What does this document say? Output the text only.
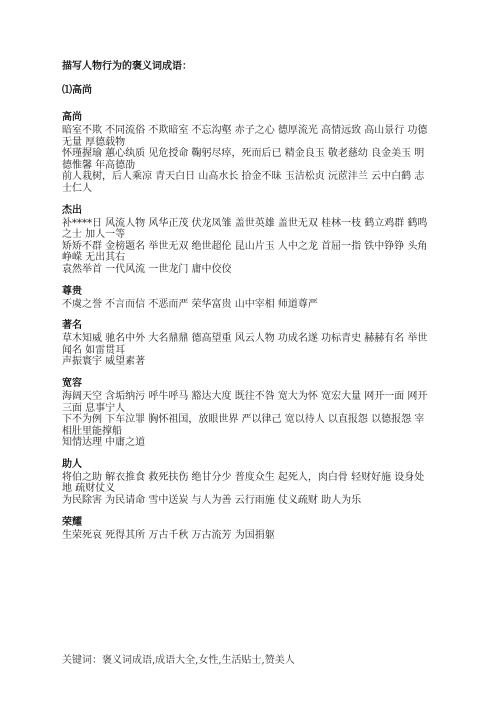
描写人物行为的褒义词成语：
⑴高尚
高尚
暗室不欺 不同流俗 不欺暗室 不忘沟壑 赤子之心 德厚流光 高情远致 高山景行 功德无量 厚德载物
怀瑾握瑜 蕙心纨质 见危授命 鞠躬尽瘁，死而后已 精金良玉 敬老慈幼 良金美玉 明德惟馨 年高德劭
前人栽树，后人乘凉 青天白日 山高水长 拾金不昧 玉洁松贞 沅茝沣兰 云中白鹤 志士仁人
杰出
补****日 风流人物 风华正茂 伏龙凤雏 盖世英雄 盖世无双 桂林一枝 鹤立鸡群 鹤鸣之士 加人一等
矫矫不群 金榜题名 举世无双 绝世超伦 昆山片玉 人中之龙 首屈一指 铁中铮铮 头角峥嵘 无出其右
袁然举首 一代风流 一世龙门 庸中佼佼
尊贵
不虞之誉 不言而信 不恶而严 荣华富贵 山中宰相 师道尊严
著名
草木知威 驰名中外 大名鼎鼎 德高望重 风云人物 功成名遂 功标青史 赫赫有名 举世闻名 如雷贯耳
声振寰宇 威望素著
宽容
海阔天空 含垢纳污 呼牛呼马 豁达大度 既往不咎 宽大为怀 宽宏大量 网开一面 网开三面 息事宁人
下不为例 下车泣罪 胸怀祖国，放眼世界 严以律己 宽以待人 以直报怨 以德报怨 宰相肚里能撑船
知情达理 中庸之道
助人
将伯之助 解衣推食 救死扶伤 绝甘分少 普度众生 起死人，肉白骨 轻财好施 设身处地 疏财仗义
为民除害 为民请命 雪中送炭 与人为善 云行雨施 仗义疏财 助人为乐
荣耀
生荣死哀 死得其所 万古千秋 万古流芳 为国捐躯
关键词：褒义词成语,成语大全,女性,生活贴士,赞美人
